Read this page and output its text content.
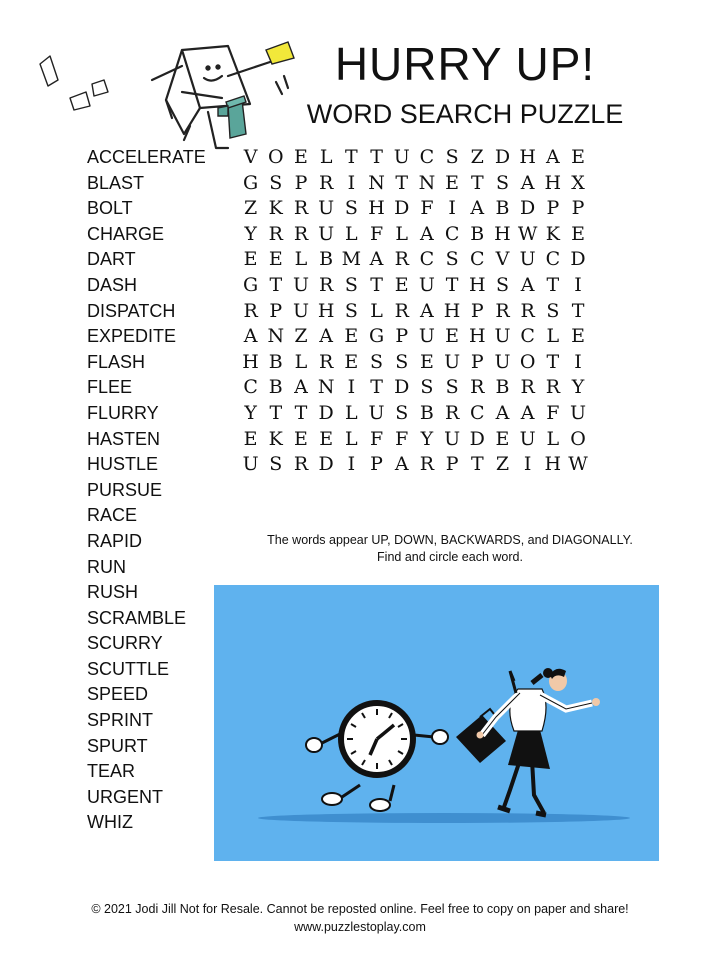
HURRY UP!
WORD SEARCH PUZZLE
ACCELERATE
BLAST
BOLT
CHARGE
DART
DASH
DISPATCH
EXPEDITE
FLASH
FLEE
FLURRY
HASTEN
HUSTLE
PURSUE
RACE
RAPID
RUN
RUSH
SCRAMBLE
SCURRY
SCUTTLE
SPEED
SPRINT
SPURT
TEAR
URGENT
WHIZ
V O E L T T U C S Z D H A E
G S P R I N T N E T S A H X
Z K R U S H D F I A B D P P
Y R R U L F L A C B H W K E
E E L B M A R C S C V U C D
G T U R S T E U T H S A T I
R P U H S L R A H P R R S T
A N Z A E G P U E H U C L E
H B L R E S S E U P U O T I
C B A N I T D S S R B R R Y
Y T T D L U S B R C A A F U
E K E E L F F Y U D E U L O
U S R D I P A R P T Z I H W
The words appear UP, DOWN, BACKWARDS, and DIAGONALLY.
Find and circle each word.
© 2021 Jodi Jill Not for Resale. Cannot be reposted online. Feel free to copy on paper and share!
www.puzzlestoplay.com
